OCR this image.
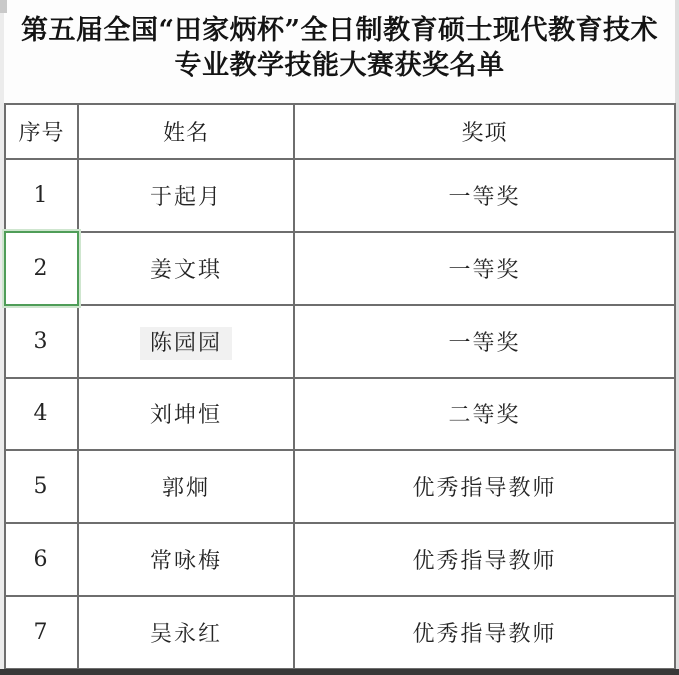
第五届全国“田家炳杯”全日制教育硕士现代教育技术
专业教学技能大赛获奖名单
序号	姓名	奖项
1	于起月	一等奖
2	姜文琪	一等奖
3	陈园园	一等奖
4	刘坤恒	二等奖
5	郭炯	优秀指导教师
6	常咏梅	优秀指导教师
7	吴永红	优秀指导教师
